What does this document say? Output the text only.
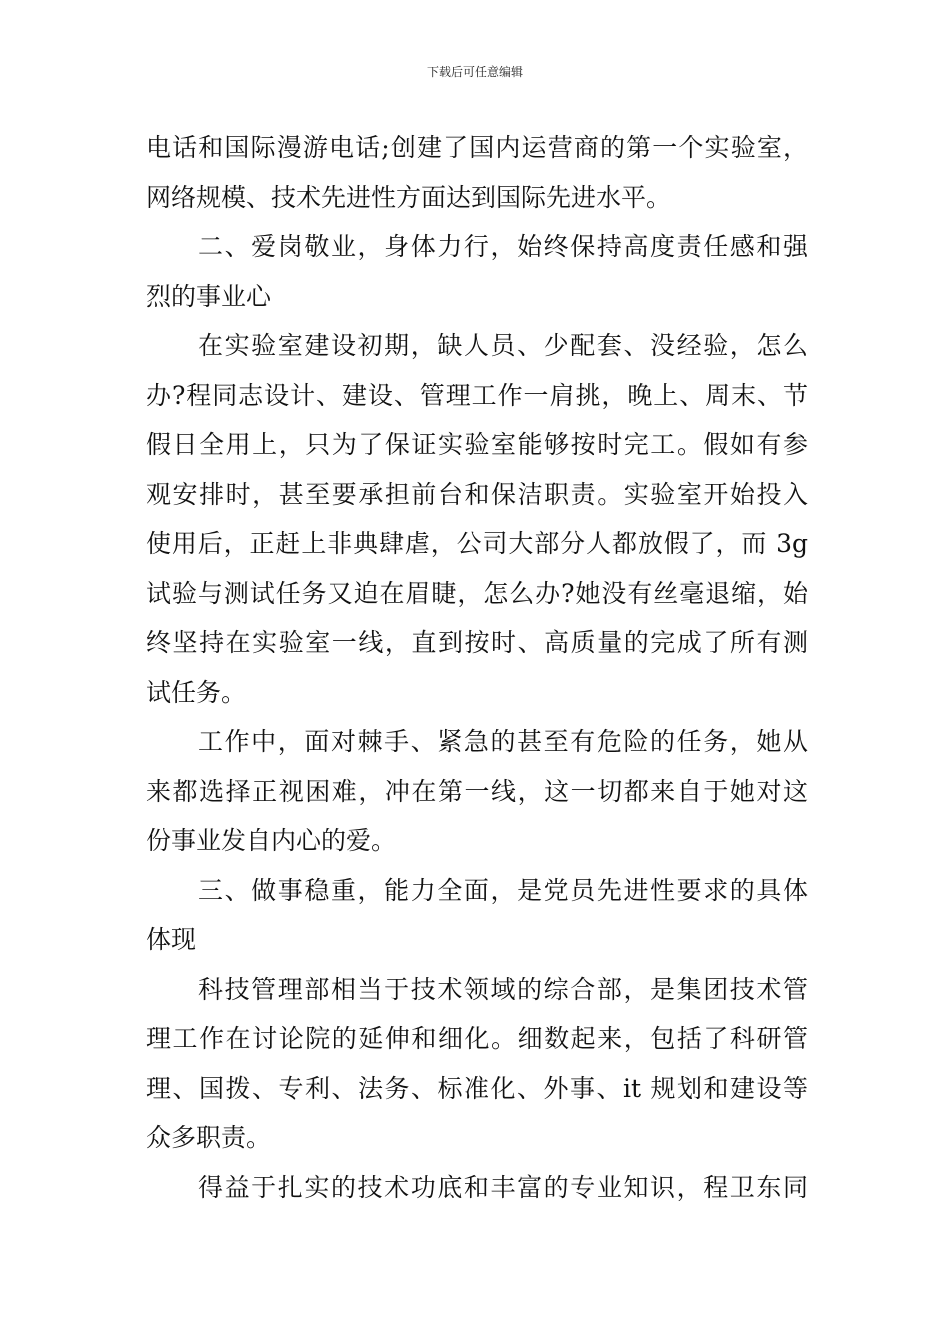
下载后可任意编辑
电话和国际漫游电话;创建了国内运营商的第一个实验室，
网络规模、技术先进性方面达到国际先进水平。
二、爱岗敬业，身体力行，始终保持高度责任感和强
烈的事业心
在实验室建设初期，缺人员、少配套、没经验，怎么
办?程同志设计、建设、管理工作一肩挑，晚上、周末、节
假日全用上，只为了保证实验室能够按时完工。假如有参
观安排时，甚至要承担前台和保洁职责。实验室开始投入
使用后，正赶上非典肆虐，公司大部分人都放假了，而 3g
试验与测试任务又迫在眉睫，怎么办?她没有丝毫退缩，始
终坚持在实验室一线，直到按时、高质量的完成了所有测
试任务。
工作中，面对棘手、紧急的甚至有危险的任务，她从
来都选择正视困难，冲在第一线，这一切都来自于她对这
份事业发自内心的爱。
三、做事稳重，能力全面，是党员先进性要求的具体
体现
科技管理部相当于技术领域的综合部，是集团技术管
理工作在讨论院的延伸和细化。细数起来，包括了科研管
理、国拨、专利、法务、标准化、外事、it 规划和建设等
众多职责。
得益于扎实的技术功底和丰富的专业知识，程卫东同
